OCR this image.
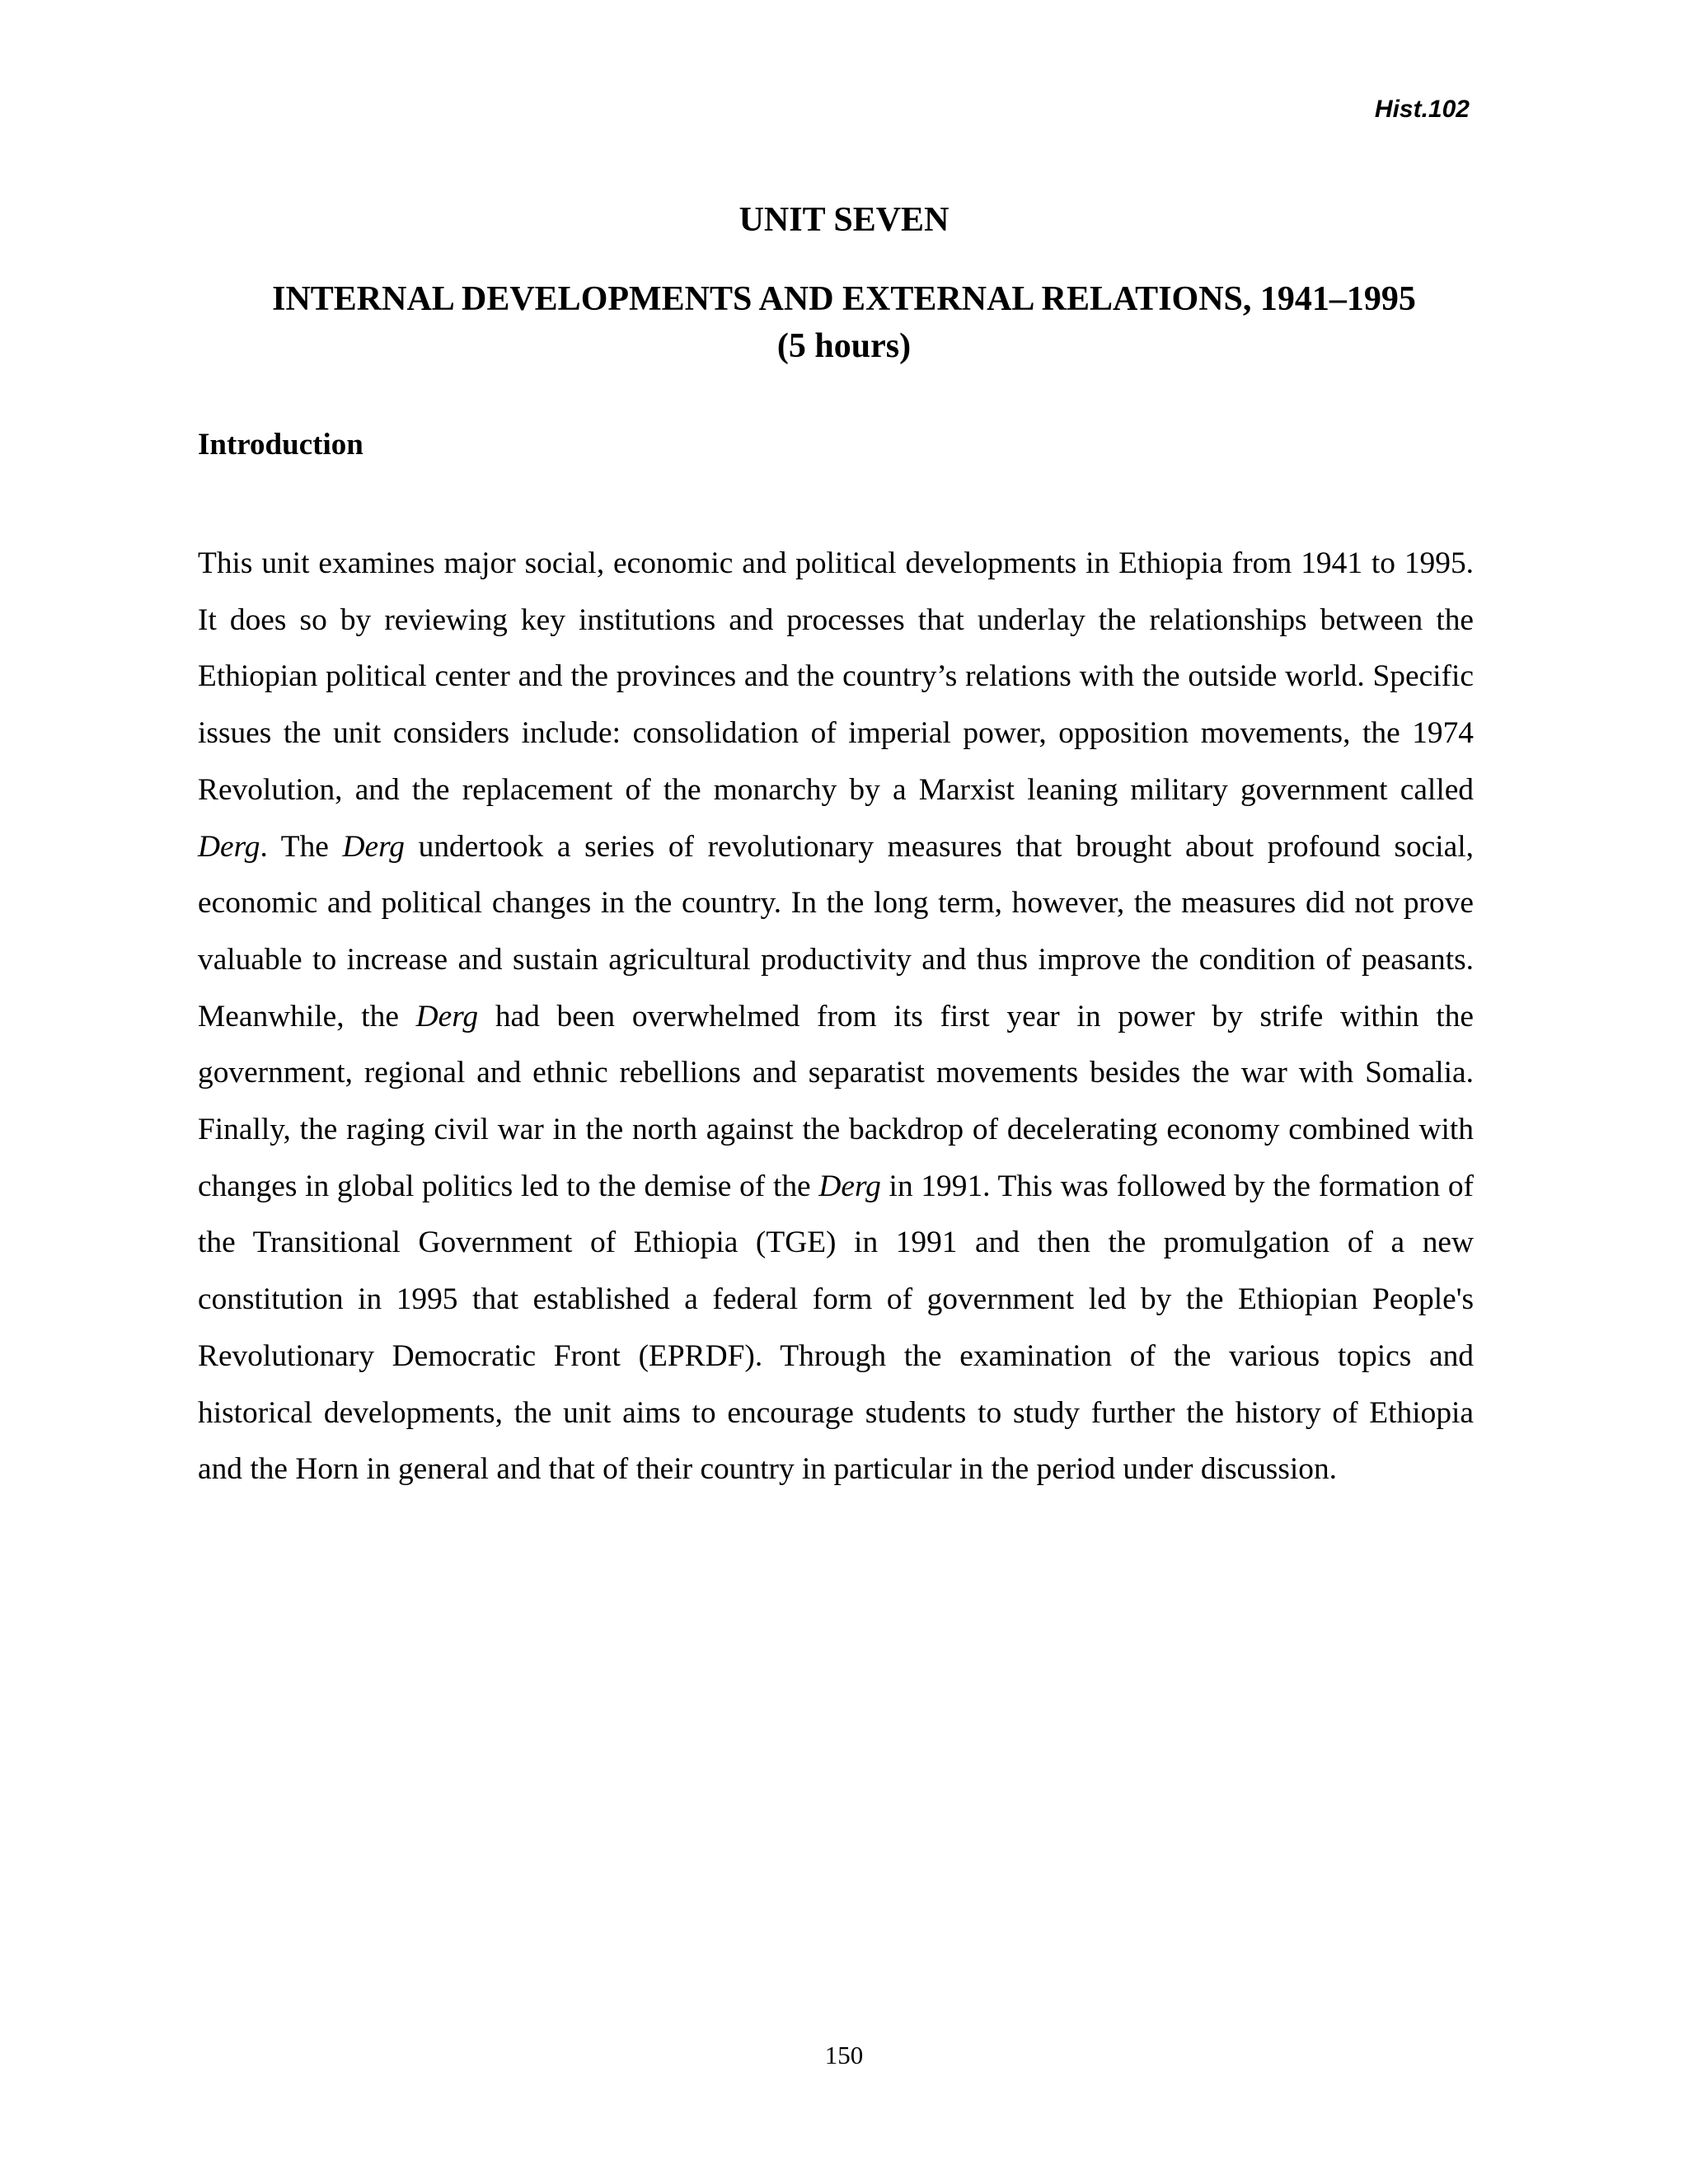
Hist.102
UNIT SEVEN
INTERNAL DEVELOPMENTS AND EXTERNAL RELATIONS, 1941–1995
(5 hours)
Introduction

This unit examines major social, economic and political developments in Ethiopia from 1941 to 1995. It does so by reviewing key institutions and processes that underlay the relationships between the Ethiopian political center and the provinces and the country’s relations with the outside world. Specific issues the unit considers include: consolidation of imperial power, opposition movements, the 1974 Revolution, and the replacement of the monarchy by a Marxist leaning military government called Derg. The Derg undertook a series of revolutionary measures that brought about profound social, economic and political changes in the country. In the long term, however, the measures did not prove valuable to increase and sustain agricultural productivity and thus improve the condition of peasants. Meanwhile, the Derg had been overwhelmed from its first year in power by strife within the government, regional and ethnic rebellions and separatist movements besides the war with Somalia. Finally, the raging civil war in the north against the backdrop of decelerating economy combined with changes in global politics led to the demise of the Derg in 1991. This was followed by the formation of the Transitional Government of Ethiopia (TGE) in 1991 and then the promulgation of a new constitution in 1995 that established a federal form of government led by the Ethiopian People's Revolutionary Democratic Front (EPRDF). Through the examination of the various topics and historical developments, the unit aims to encourage students to study further the history of Ethiopia and the Horn in general and that of their country in particular in the period under discussion.

150
